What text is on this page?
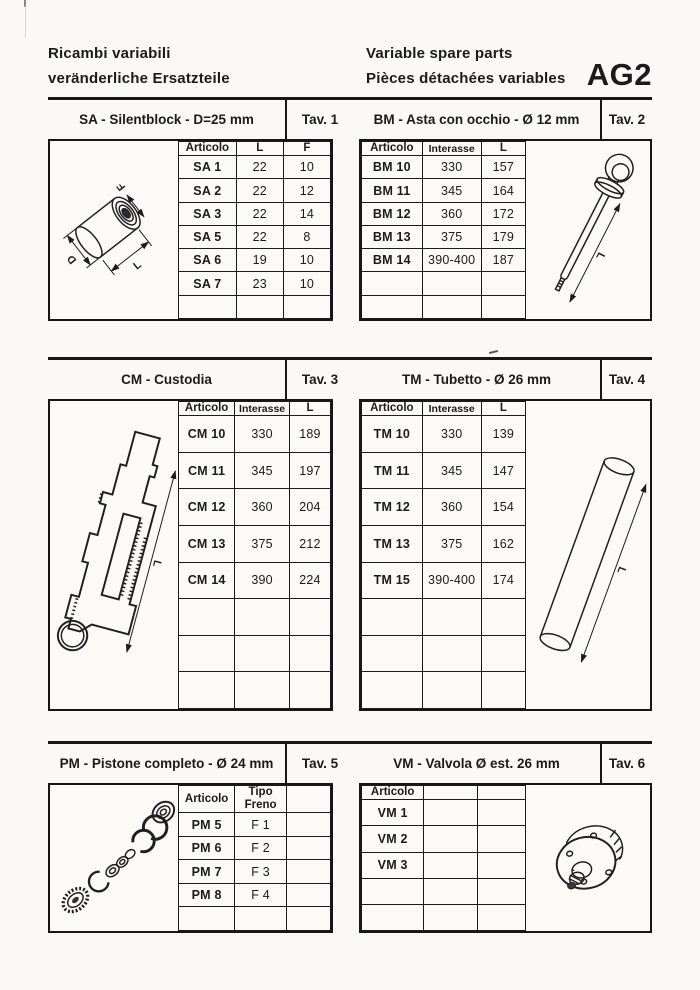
Ricambi variabili
veränderliche Ersatzteile
Variable spare parts
Pièces détachées variables AG2
SA - Silentblock - D=25 mm	Tav. 1	BM - Asta con occhio - Ø 12 mm	Tav. 2
D	L
F
Articolo	L	F
SA 1	22	10
SA 2	22	12
SA 3	22	14
SA 5	22	8
SA 6	19	10
SA 7	23	10

Articolo	Interasse	L
BM 10	330	157
BM 11	345	164
BM 12	360	172
BM 13	375	179
BM 14	390-400	187

			L
CM - Custodia	Tav. 3	TM - Tubetto - Ø 26 mm	Tav. 4
L
Articolo	Interasse	L
CM 10	330	189
CM 11	345	197
CM 12	360	204
CM 13	375	212
CM 14	390	224

Articolo	Interasse	L
TM 10	330	139
TM 11	345	147
TM 12	360	154
TM 13	375	162
TM 15	390-400	174

L
PM - Pistone completo - Ø 24 mm	Tav. 5	VM - Valvola Ø est. 26 mm	Tav. 6
Articolo	Tipo Freno	
PM 5	F 1	
PM 6	F 2	
PM 7	F 3	
PM 8	F 4	

Articolo		
VM 1		
VM 2		
VM 3		
